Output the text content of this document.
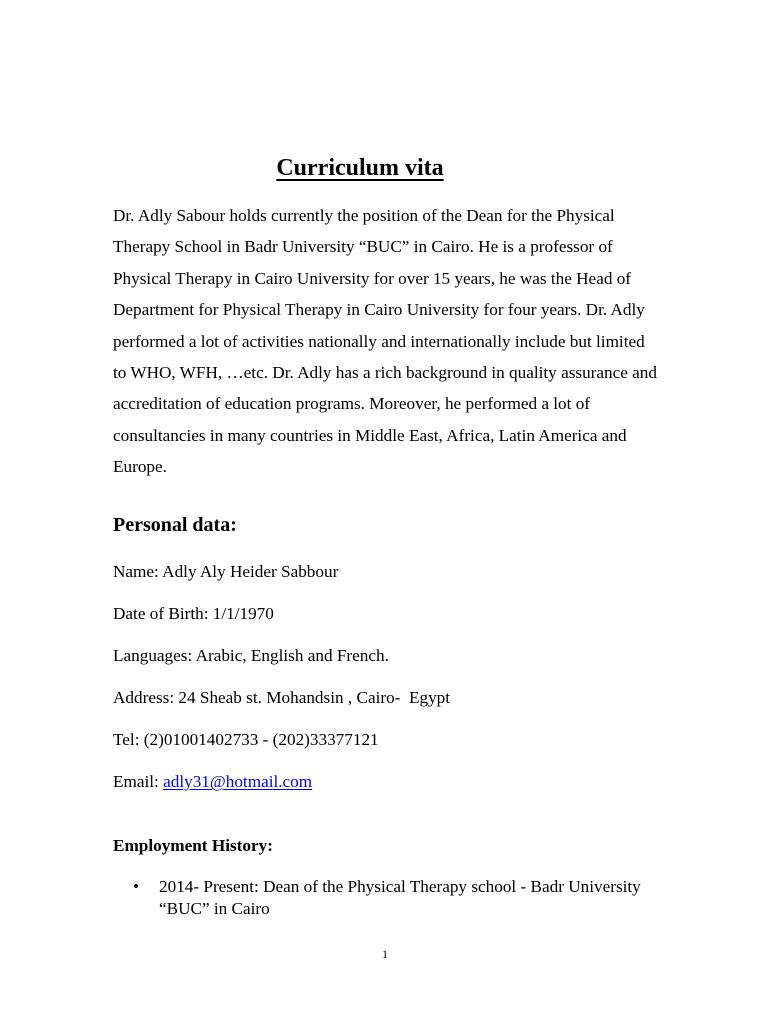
Curriculum vita

Dr. Adly Sabour holds currently the position of the Dean for the Physical Therapy School in Badr University “BUC” in Cairo. He is a professor of Physical Therapy in Cairo University for over 15 years, he was the Head of Department for Physical Therapy in Cairo University for four years. Dr. Adly performed a lot of activities nationally and internationally include but limited to WHO, WFH, …etc. Dr. Adly has a rich background in quality assurance and accreditation of education programs. Moreover, he performed a lot of consultancies in many countries in Middle East, Africa, Latin America and Europe.

Personal data:
Name: Adly Aly Heider Sabbour
Date of Birth: 1/1/1970
Languages: Arabic, English and French.
Address: 24 Sheab st. Mohandsin , Cairo-  Egypt
Tel: (2)01001402733 - (202)33377121
Email: adly31@hotmail.com
Employment History:
• 2014- Present: Dean of the Physical Therapy school - Badr University “BUC” in Cairo
1
